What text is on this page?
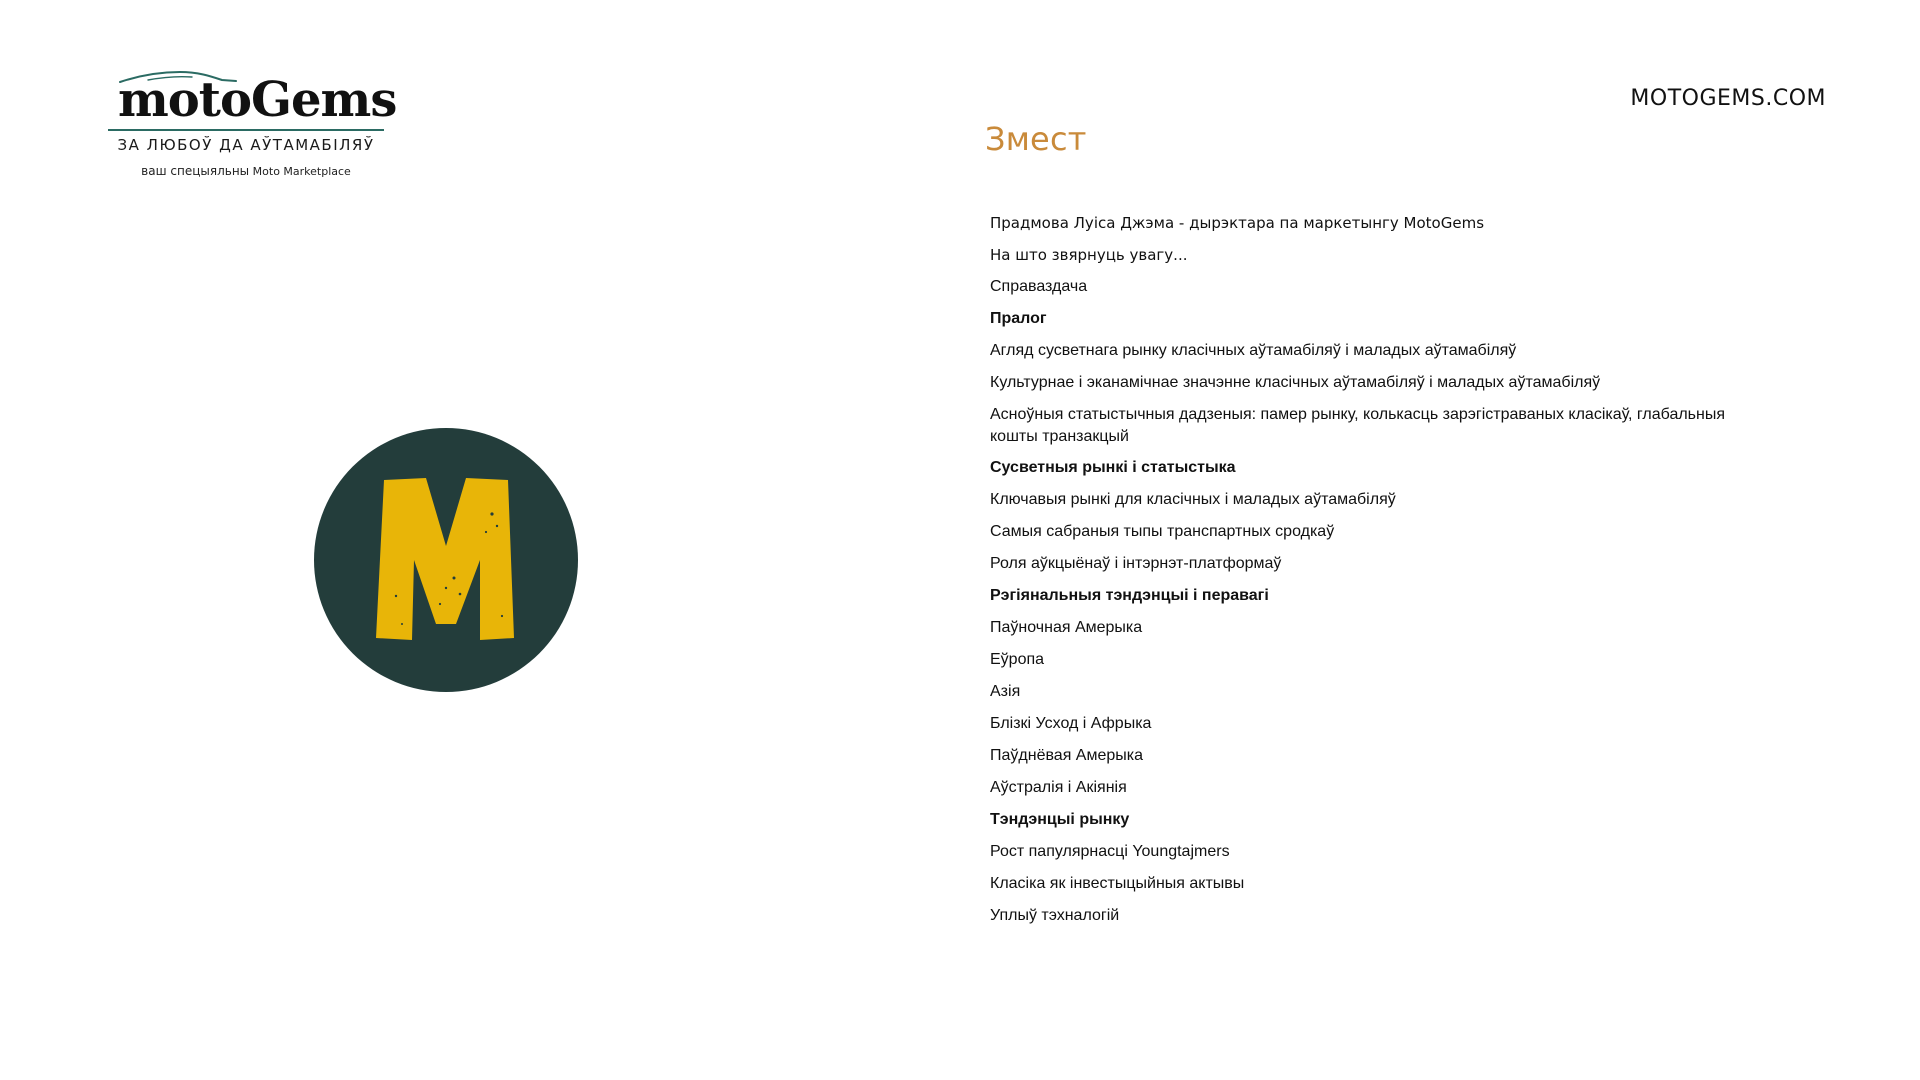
motoGems
ЗА ЛЮБОЎ ДА АЎТАМАБІЛЯЎ
ваш спецыяльны Moto Marketplace
MOTOGEMS.COM
Змест
Прадмова Луіса Джэма - дырэктара па маркетынгу MotoGems
На што звярнуць увагу...
Справаздача
Пралог
Агляд сусветнага рынку класічных аўтамабіляў і маладых аўтамабіляў
Культурнае і эканамічнае значэнне класічных аўтамабіляў і маладых аўтамабіляў
Асноўныя статыстычныя дадзеныя: памер рынку, колькасць зарэгістраваных класікаў, глабальныя кошты транзакцый
Сусветныя рынкі і статыстыка
Ключавыя рынкі для класічных і маладых аўтамабіляў
Самыя сабраныя тыпы транспартных сродкаў
Роля аўкцыёнаў і інтэрнэт-платформаў
Рэгіянальныя тэндэнцыі і перавагі
Паўночная Амерыка
Еўропа
Азія
Блізкі Усход і Афрыка
Паўднёвая Амерыка
Аўстралія і Акіянія
Тэндэнцыі рынку
Рост папулярнасці Youngtajmers
Класіка як інвестыцыйныя актывы
Уплыў тэхналогій
